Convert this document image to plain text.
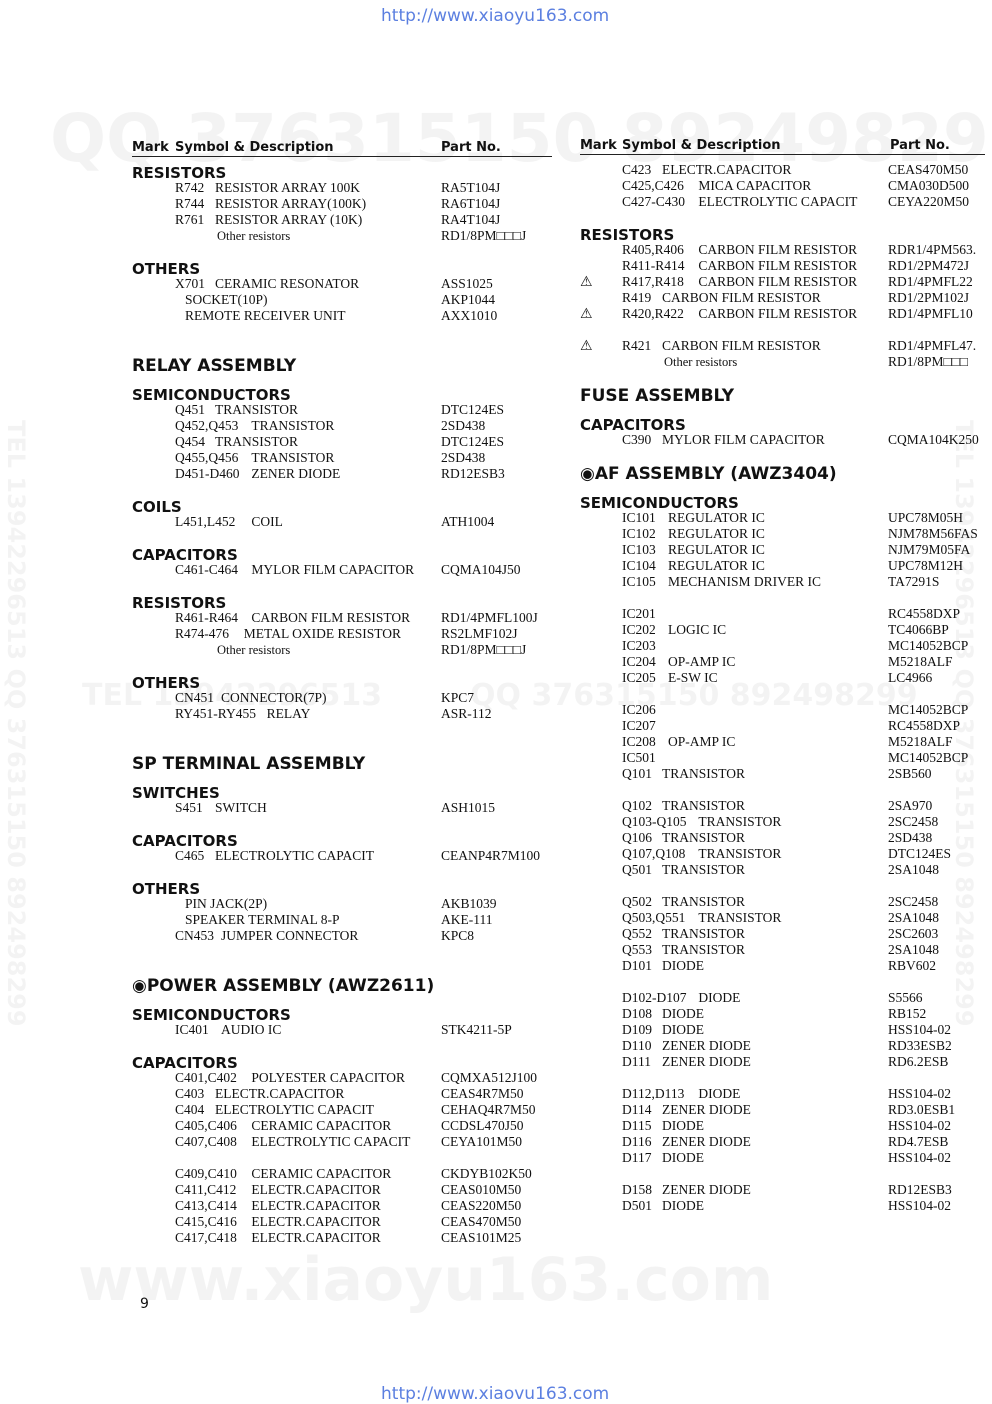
http://www.xiaoyu163.com
http://www.xiaovu163.com
Mark Symbol & Description	Part No.	Mark Symbol & Description	Part No.
RESISTORS
R742 RESISTOR ARRAY 100K	RA5T104J
R744 RESISTOR ARRAY(100K)	RA6T104J
R761 RESISTOR ARRAY (10K)	RA4T104J
Other resistors	RD1/8PM□□□J
OTHERS
X701 CERAMIC RESONATOR	ASS1025
SOCKET(10P)	AKP1044
REMOTE RECEIVER UNIT	AXX1010
RELAY ASSEMBLY
SEMICONDUCTORS
Q451 TRANSISTOR	DTC124ES
Q452,Q453 TRANSISTOR	2SD438
Q454 TRANSISTOR	DTC124ES
Q455,Q456 TRANSISTOR	2SD438
D451-D460 ZENER DIODE	RD12ESB3
COILS
L451,L452 COIL	ATH1004
CAPACITORS
C461-C464 MYLOR FILM CAPACITOR CQMA104J50
RESISTORS
R461-R464 CARBON FILM RESISTOR RD1/4PMFL100J
R474-476 METAL OXIDE RESISTOR	RS2LMF102J
Other resistors	RD1/8PM□□□J
OTHERS
CN451 CONNECTOR(7P)	KPC7
RY451-RY455 RELAY	ASR-112
SP TERMINAL ASSEMBLY
SWITCHES
S451 SWITCH	ASH1015
CAPACITORS
C465 ELECTROLYTIC CAPACIT	CEANP4R7M100
OTHERS
PIN JACK(2P)	AKB1039
SPEAKER TERMINAL 8-P	AKE-111
CN453 JUMPER CONNECTOR	KPC8
◉POWER ASSEMBLY (AWZ2611)
SEMICONDUCTORS
IC401 AUDIO IC	STK4211-5P
CAPACITORS
C401,C402 POLYESTER CAPACITOR	CQMXA512J100
C403 ELECTR.CAPACITOR	CEAS4R7M50
C404 ELECTROLYTIC CAPACIT	CEHAQ4R7M50
C405,C406 CERAMIC CAPACITOR	CCDSL470J50
C407,C408 ELECTROLYTIC CAPACIT CEYA101M50
C409,C410 CERAMIC CAPACITOR	CKDYB102K50
C411,C412 ELECTR.CAPACITOR	CEAS010M50
C413,C414 ELECTR.CAPACITOR	CEAS220M50
C415,C416 ELECTR.CAPACITOR	CEAS470M50
C417,C418 ELECTR.CAPACITOR	CEAS101M25
C423 ELECTR.CAPACITOR	CEAS470M50
C425,C426 MICA CAPACITOR	CMA030D500
C427-C430 ELECTROLYTIC CAPACIT CEYA220M50
RESISTORS
R405,R406 CARBON FILM RESISTOR RDR1/4PM563.
R411-R414 CARBON FILM RESISTOR RD1/2PM472J
⚠ R417,R418 CARBON FILM RESISTOR RD1/4PMFL22
R419 CARBON FILM RESISTOR	RD1/2PM102J
⚠ R420,R422 CARBON FILM RESISTOR RD1/4PMFL10
⚠ R421 CARBON FILM RESISTOR	RD1/4PMFL47.
Other resistors	RD1/8PM□□□
FUSE ASSEMBLY
CAPACITORS
C390 MYLOR FILM CAPACITOR	CQMA104K250
◉AF ASSEMBLY (AWZ3404)
SEMICONDUCTORS
IC101 REGULATOR IC	UPC78M05H
IC102 REGULATOR IC	NJM78M56FAS
IC103 REGULATOR IC	NJM79M05FA
IC104 REGULATOR IC	UPC78M12H
IC105 MECHANISM DRIVER IC	TA7291S
IC201	RC4558DXP
IC202 LOGIC IC	TC4066BP
IC203	MC14052BCP
IC204 OP-AMP IC	M5218ALF
IC205 E-SW IC	LC4966
IC206	MC14052BCP
IC207	RC4558DXP
IC208 OP-AMP IC	M5218ALF
IC501	MC14052BCP
Q101 TRANSISTOR	2SB560
Q102 TRANSISTOR	2SA970
Q103-Q105 TRANSISTOR	2SC2458
Q106 TRANSISTOR	2SD438
Q107,Q108 TRANSISTOR	DTC124ES
Q501 TRANSISTOR	2SA1048
Q502 TRANSISTOR	2SC2458
Q503,Q551 TRANSISTOR	2SA1048
Q552 TRANSISTOR	2SC2603
Q553 TRANSISTOR	2SA1048
D101 DIODE	RBV602
D102-D107 DIODE	S5566
D108 DIODE	RB152
D109 DIODE	HSS104-02
D110 ZENER DIODE	RD33ESB2
D111 ZENER DIODE	RD6.2ESB
D112,D113 DIODE	HSS104-02
D114 ZENER DIODE	RD3.0ESB1
D115 DIODE	HSS104-02
D116 ZENER DIODE	RD4.7ESB
D117 DIODE	HSS104-02
D158 ZENER DIODE	RD12ESB3
D501 DIODE	HSS104-02
9
